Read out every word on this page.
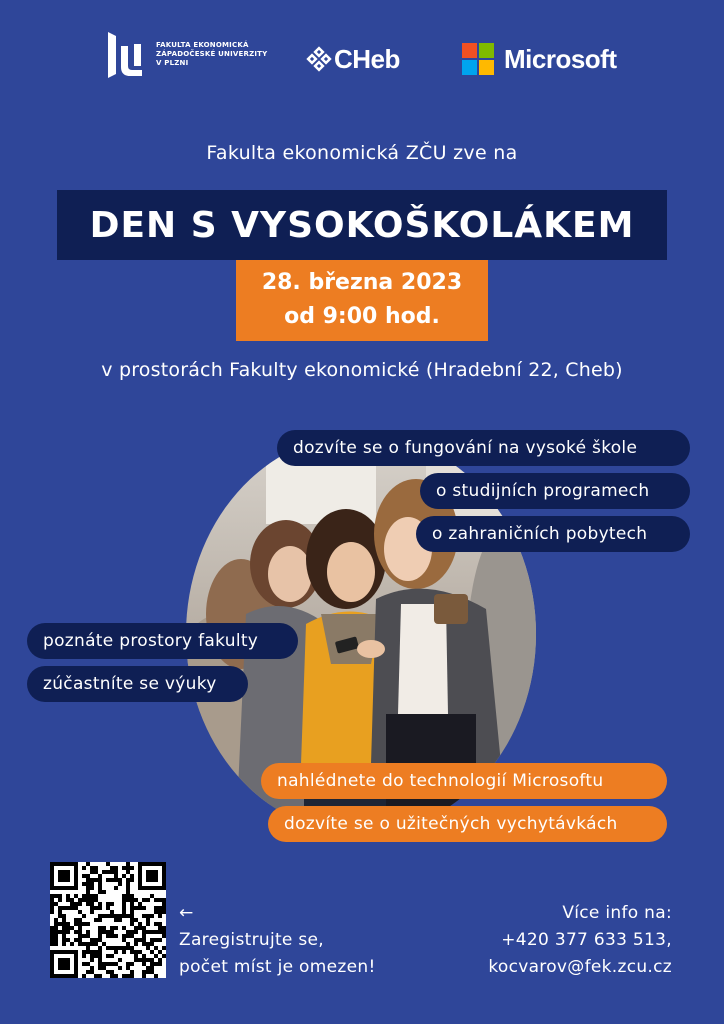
FAKULTA EKONOMICKÁ
ZÁPADOČESKÉ UNIVERZITY
V PLZNI	CHeb	Microsoft
Fakulta ekonomická ZČU zve na
DEN S VYSOKOŠKOLÁKEM
28. března 2023
od 9:00 hod.
v prostorách Fakulty ekonomické (Hradební 22, Cheb)
dozvíte se o fungování na vysoké škole
o studijních programech
o zahraničních pobytech
poznáte prostory fakulty
zúčastníte se výuky
nahlédnete do technologií Microsoftu
dozvíte se o užitečných vychytávkách
←
Zaregistrujte se,
počet míst je omezen!
Více info na:
+420 377 633 513,
kocvarov@fek.zcu.cz
